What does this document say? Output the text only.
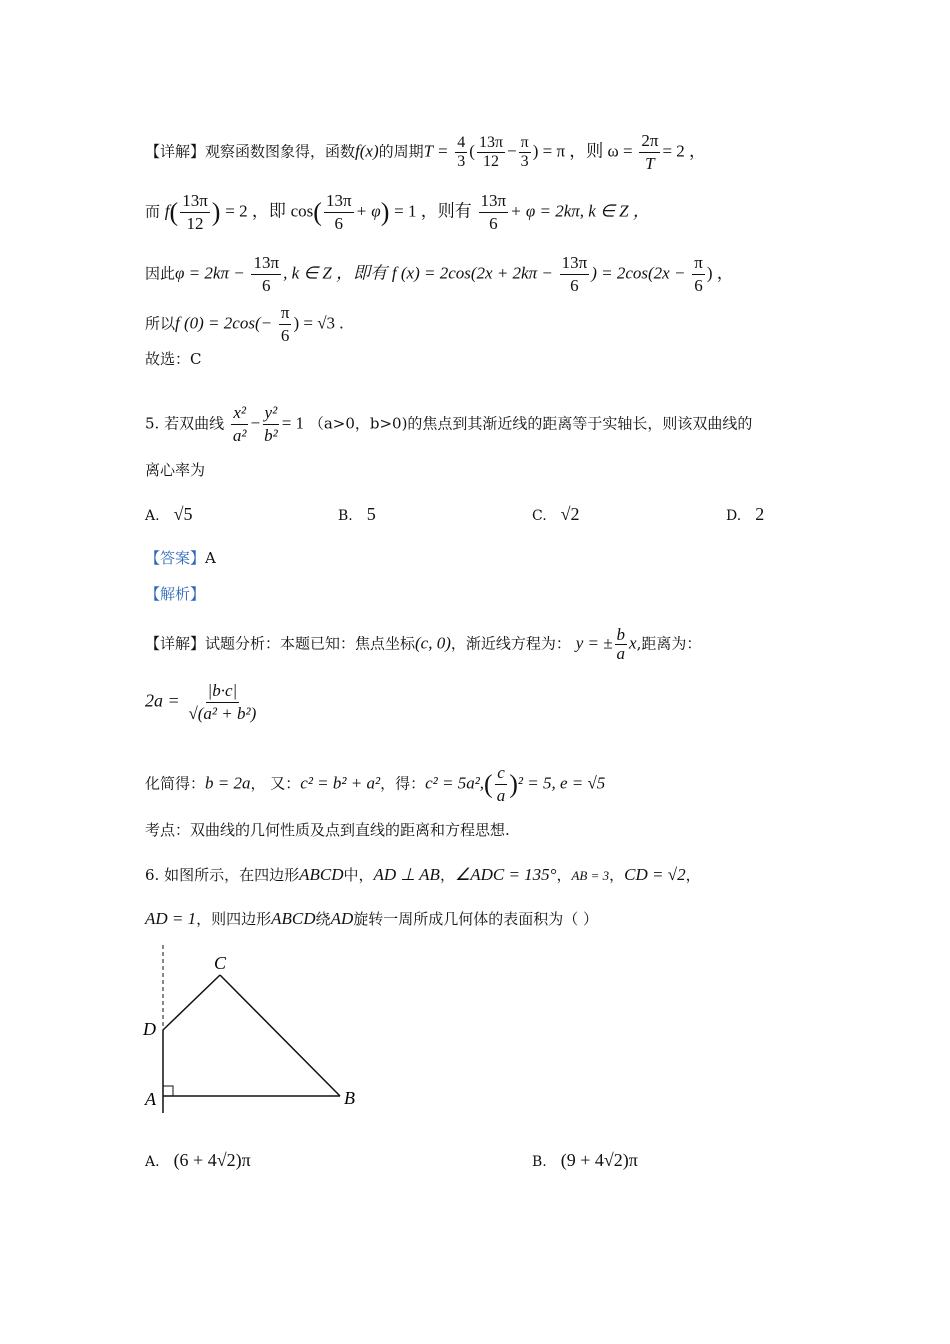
【详解】观察函数图象得，函数f(x)的周期$T = \frac{4}{3}$ ( $\frac{13\pi}{12} - \frac{\pi}{3}$ ) = π ，则 $\omega = \frac{2\pi}{T} = 2$ ，
而 $f( \frac{13\pi}{12}$ ) = 2 ，即 $\cos( \frac{13\pi}{6} + \varphi) = 1$ ，则有 $\frac{13\pi}{6} + \varphi = 2k\pi$, k ∈ Z ，
因此$\varphi = 2k\pi - \frac{13\pi}{6}$ , k ∈ Z ，即有 f $(x) = 2\cos(2x + 2k\pi - \frac{13\pi}{6}$ ) = $2\cos(2x - \frac{\pi}{6}$ ) ，
所以f $(0) = 2\cos(- \frac{\pi}{6}$ ) = √3 .
故选：C
5. 若双曲线 $\frac{\text{x²}}{\text{a²}} - \frac{\text{y²}}{\text{b²}} = 1$ （a>0，b>0)的焦点到其渐近线的距离等于实轴长，则该双曲线的
离心率为
A. √5	B. 5	C. √2	D. 2
【答案】A
【解析】
【详解】试题分析：本题已知：焦点坐标(c, 0)，渐近线方程为： y = ± $\frac{b}{a} x$,距离为：
$2a = \frac{|b\cdot c|}{\text{√(a² + b²)}}$
化简得：b = 2a， 又：c² = b² + a²，得：$c^2 = 5a^2,( \frac{c}{a} )^2 = 5$, e = √5
考点：双曲线的几何性质及点到直线的距离和方程思想.
6. 如图所示，在四边形ABCD中，AD ⊥ AB，∠ADC = 135°，AB = 3，CD = √2，
AD = 1，则四边形ABCD绕AD旋转一周所成几何体的表面积为（ ）
C
D
A	B
A. (6 + 4√2)π	B. (9 + 4√2)π
